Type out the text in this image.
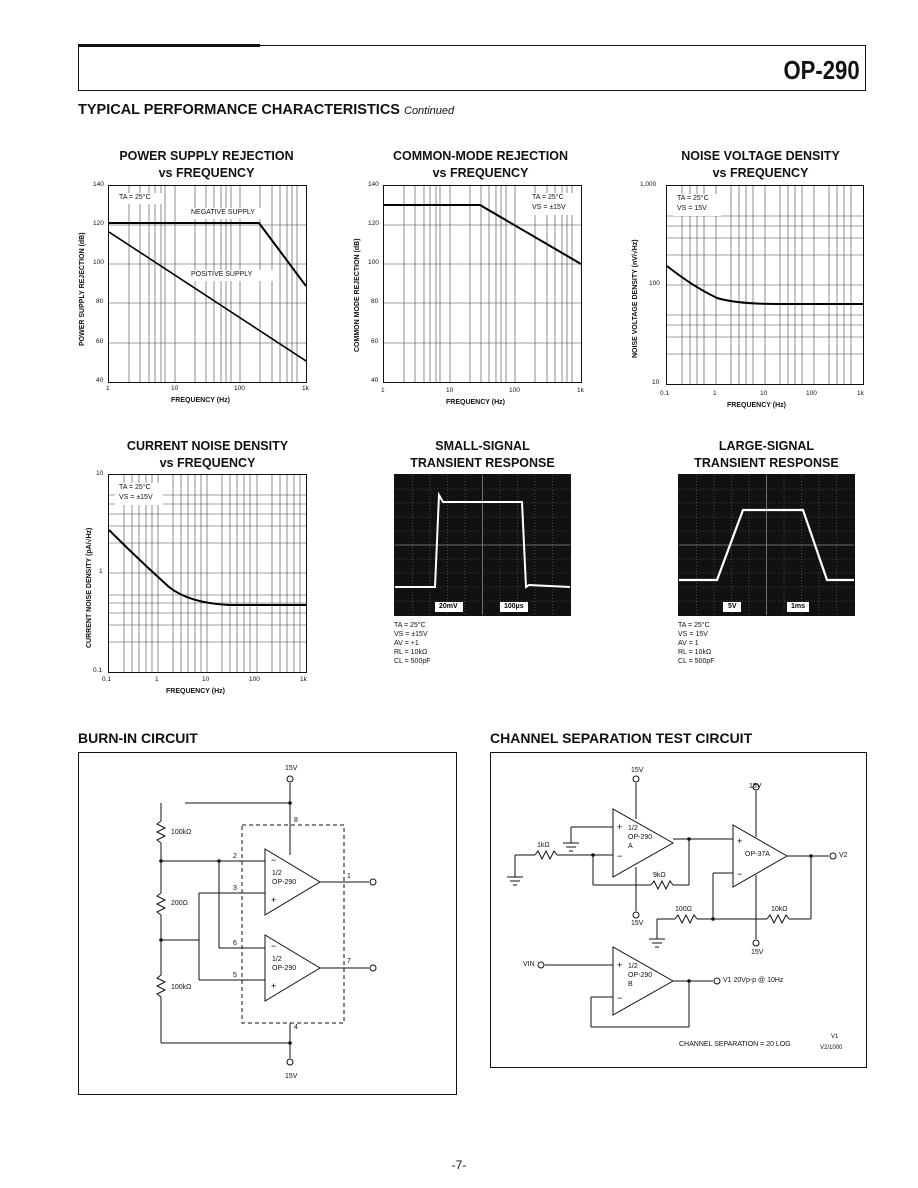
OP-290
TYPICAL PERFORMANCE CHARACTERISTICS Continued
POWER SUPPLY REJECTION
vs FREQUENCY
TA = 25°C
NEGATIVE SUPPLY
POSITIVE SUPPLY
140
120
100
80
60
40
1	10	100	1k
POWER SUPPLY REJECTION (dB)
FREQUENCY (Hz)
COMMON-MODE REJECTION
vs FREQUENCY
TA = 25°C
VS = ±15V
140
120
100
80
60
40
1	10	100	1k
COMMON MODE REJECTION (dB)
FREQUENCY (Hz)
NOISE VOLTAGE DENSITY
vs FREQUENCY
TA = 25°C
VS = 15V
1,000
100
10
0.1	1	10	100	1k
NOISE VOLTAGE DENSITY (nV/√Hz)
FREQUENCY (Hz)
CURRENT NOISE DENSITY
vs FREQUENCY
TA = 25°C
VS = ±15V
10
1
0.1
0.1	1	10	100	1k
CURRENT NOISE DENSITY (pA/√Hz)
FREQUENCY (Hz)
SMALL-SIGNAL
TRANSIENT RESPONSE
20mV	100µs
TA = 25°C
VS = ±15V
AV = +1
RL = 10kΩ
CL = 500pF
LARGE-SIGNAL
TRANSIENT RESPONSE
5V	1ms
TA = 25°C
VS = 15V
AV = 1
RL = 10kΩ
CL = 500pF
BURN-IN CIRCUIT
−
+
−
+
15V
15V
100kΩ
200Ω
100kΩ
1/2
OP-290
1/2
OP-290
8
2
3
1
6
5
7
4
CHANNEL SEPARATION TEST CIRCUIT
+
−
+
−
+
−
15V
15V
15V
15V
1kΩ
9kΩ
100Ω	10kΩ
1/2
OP-290
A
OP-37A
1/2
OP-290
B
V2
VIN
V1 20Vp-p @ 10Hz
CHANNEL SEPARATION = 20 LOG
V1
V2/1000
-7-
